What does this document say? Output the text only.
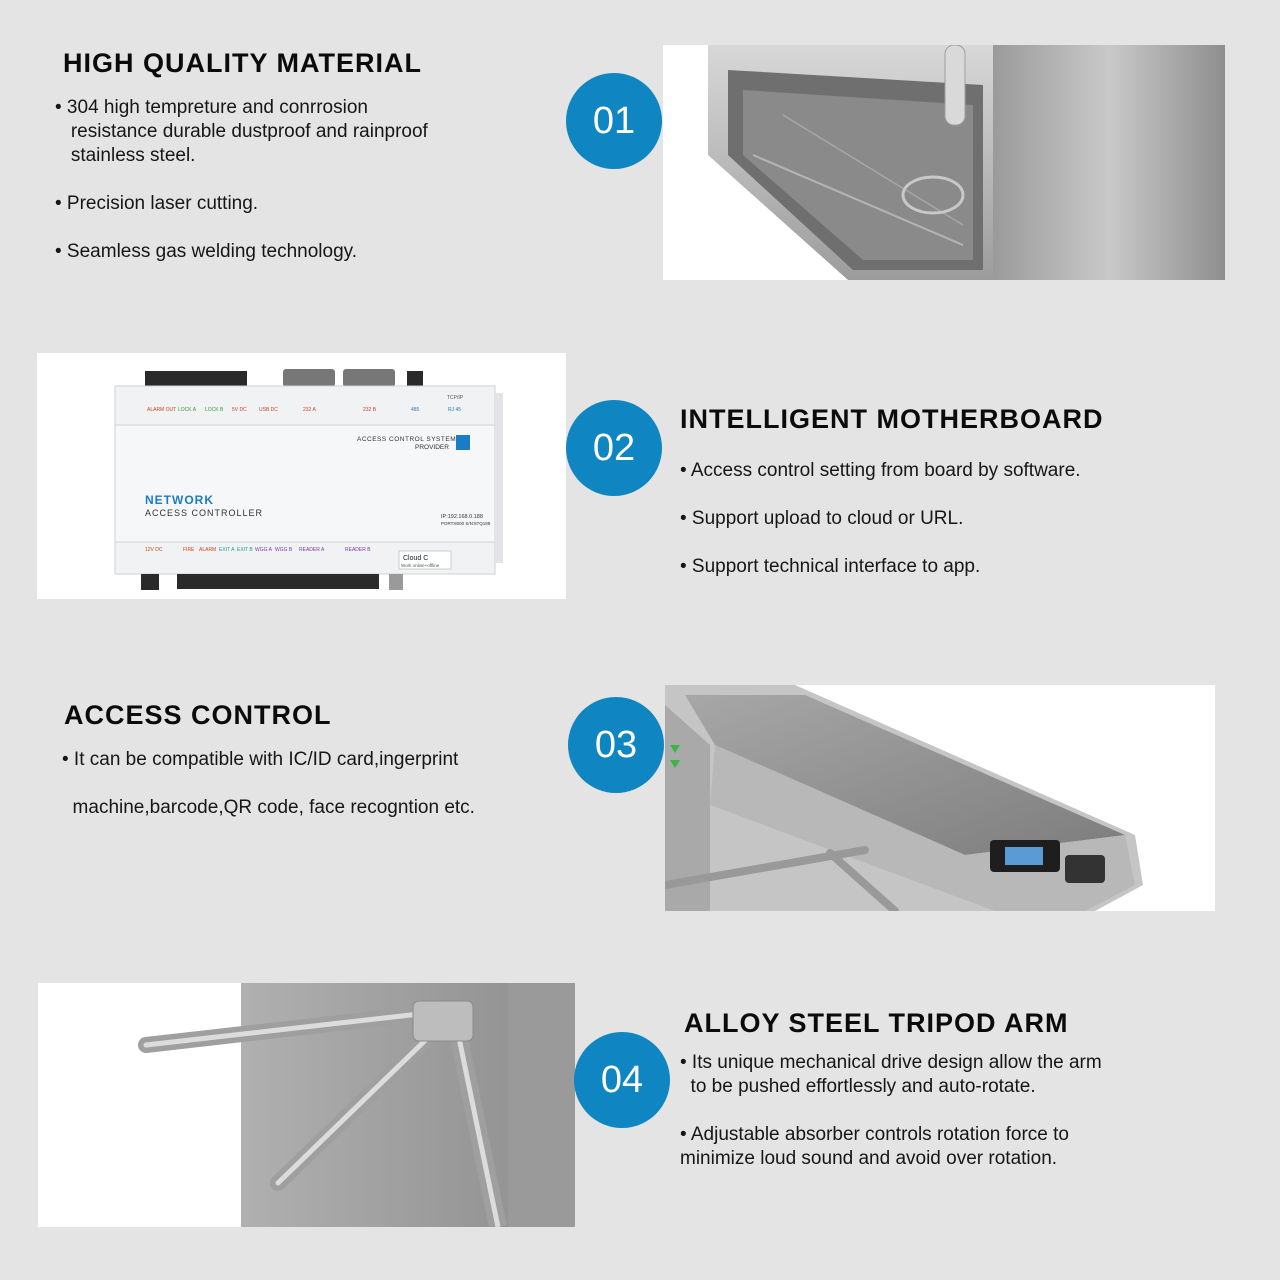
HIGH QUALITY MATERIAL
• 304 high tempreture and conrrosion
resistance durable dustproof and rainproof
stainless steel.
• Precision laser cutting.
• Seamless gas welding technology.
01
ALARM OUT LOCK A LOCK B 5V DC USB DC	232 A	232 B	485	RJ 45
TCP/IP
ACCESS CONTROL SYSTEM
PROVIDER
NETWORK
ACCESS CONTROLLER	IP:192.168.0.188
PORT:8000 S/N:87Q188
12V DC	FIRE ALARM EXIT A EXIT B WGG A WGG B READER A	READER B
Cloud C
Work online+offline
02
INTELLIGENT MOTHERBOARD
• Access control setting from board by software.
• Support upload to cloud or URL.
• Support technical interface to app.
ACCESS CONTROL
• It can be compatible with IC/ID card,ingerprint
machine,barcode,QR code, face recogntion etc.
03
04
ALLOY STEEL TRIPOD ARM
• Its unique mechanical drive design allow the arm
to be pushed effortlessly and auto-rotate.
• Adjustable absorber controls rotation force to
minimize loud sound and avoid over rotation.
